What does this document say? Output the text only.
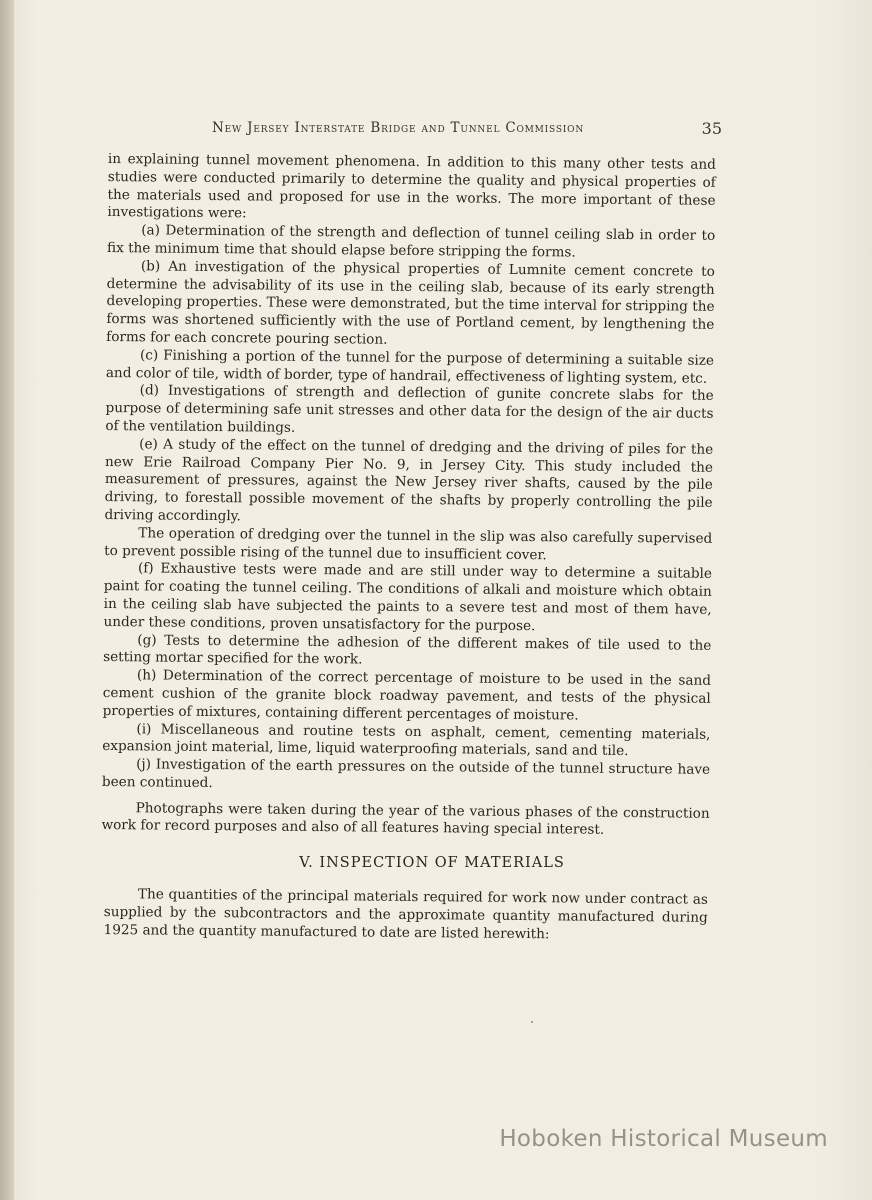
New Jersey Interstate Bridge and Tunnel Commission	35

in explaining tunnel movement phenomena. In addition to this many other tests and studies were conducted primarily to determine the quality and physical properties of the materials used and proposed for use in the works. The more important of these investigations were:

(a) Determination of the strength and deflection of tunnel ceiling slab in order to fix the minimum time that should elapse before stripping the forms.

(b) An investigation of the physical properties of Lumnite cement concrete to determine the advisability of its use in the ceiling slab, because of its early strength developing properties. These were demonstrated, but the time interval for stripping the forms was shortened sufficiently with the use of Portland cement, by lengthening the forms for each concrete pouring section.

(c) Finishing a portion of the tunnel for the purpose of determining a suitable size and color of tile, width of border, type of handrail, effectiveness of lighting system, etc.

(d) Investigations of strength and deflection of gunite concrete slabs for the purpose of determining safe unit stresses and other data for the design of the air ducts of the ventilation buildings.

(e) A study of the effect on the tunnel of dredging and the driving of piles for the new Erie Railroad Company Pier No. 9, in Jersey City. This study included the measurement of pressures, against the New Jersey river shafts, caused by the pile driving, to forestall possible movement of the shafts by properly controlling the pile driving accordingly.

The operation of dredging over the tunnel in the slip was also carefully supervised to prevent possible rising of the tunnel due to insufficient cover.

(f) Exhaustive tests were made and are still under way to determine a suitable paint for coating the tunnel ceiling. The conditions of alkali and moisture which obtain in the ceiling slab have subjected the paints to a severe test and most of them have, under these conditions, proven unsatisfactory for the purpose.

(g) Tests to determine the adhesion of the different makes of tile used to the setting mortar specified for the work.

(h) Determination of the correct percentage of moisture to be used in the sand cement cushion of the granite block roadway pavement, and tests of the physical properties of mixtures, containing different percentages of moisture.

(i) Miscellaneous and routine tests on asphalt, cement, cementing materials, expansion joint material, lime, liquid waterproofing materials, sand and tile.

(j) Investigation of the earth pressures on the outside of the tunnel structure have been continued.

Photographs were taken during the year of the various phases of the construction work for record purposes and also of all features having special interest.

V. INSPECTION OF MATERIALS

The quantities of the principal materials required for work now under contract as supplied by the subcontractors and the approximate quantity manufactured during 1925 and the quantity manufactured to date are listed herewith:

Hoboken Historical Museum
